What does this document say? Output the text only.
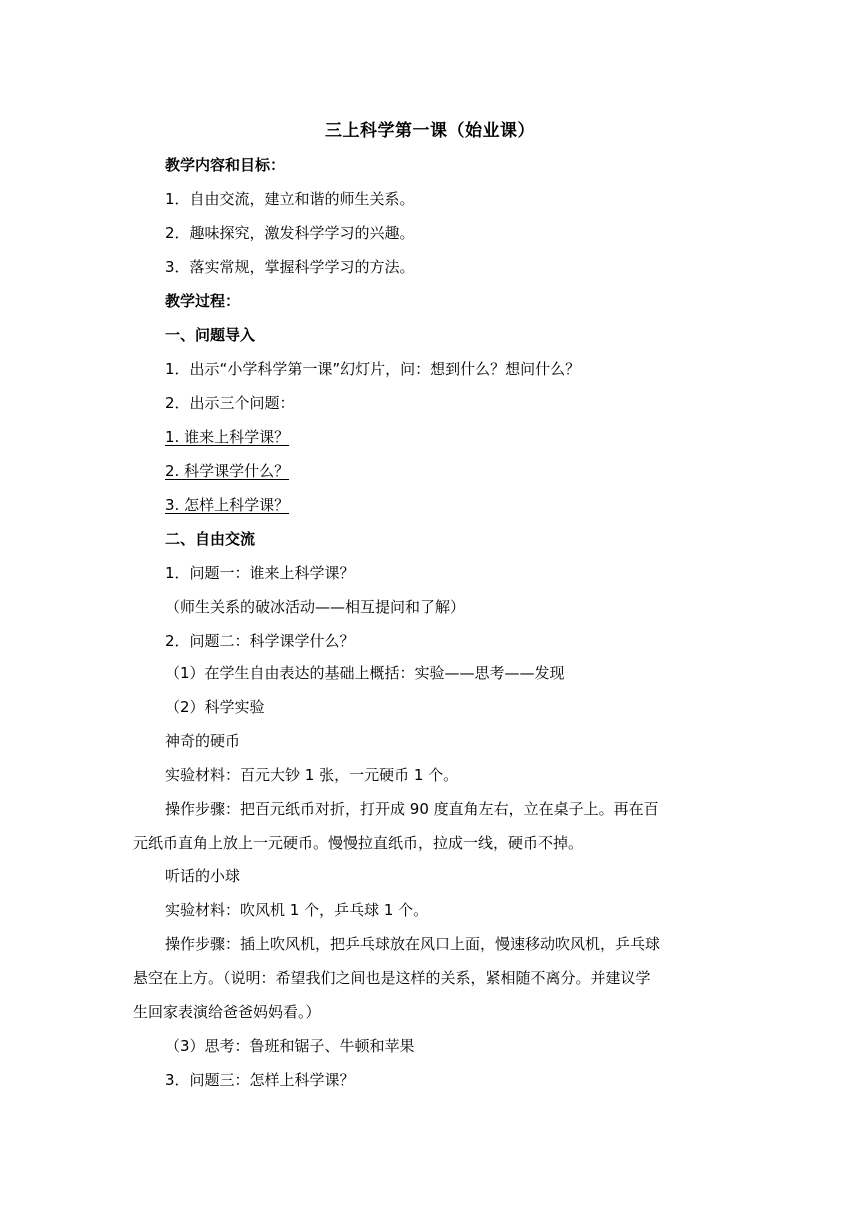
三上科学第一课（始业课）
教学内容和目标：
1．自由交流，建立和谐的师生关系。
2．趣味探究，激发科学学习的兴趣。
3．落实常规，掌握科学学习的方法。
教学过程：
一、问题导入
1．出示“小学科学第一课”幻灯片，问：想到什么？想问什么？
2．出示三个问题：
1. 谁来上科学课？
2. 科学课学什么？
3. 怎样上科学课？
二、自由交流
1．问题一：谁来上科学课？
（师生关系的破冰活动——相互提问和了解）
2．问题二：科学课学什么？
（1）在学生自由表达的基础上概括：实验——思考——发现
（2）科学实验
神奇的硬币
实验材料：百元大钞 1 张，一元硬币 1 个。
操作步骤：把百元纸币对折，打开成 90 度直角左右，立在桌子上。再在百
元纸币直角上放上一元硬币。慢慢拉直纸币，拉成一线，硬币不掉。
听话的小球
实验材料：吹风机 1 个，乒乓球 1 个。
操作步骤：插上吹风机，把乒乓球放在风口上面，慢速移动吹风机，乒乓球
悬空在上方。（说明：希望我们之间也是这样的关系，紧相随不离分。并建议学
生回家表演给爸爸妈妈看。）
（3）思考：鲁班和锯子、牛顿和苹果
3．问题三：怎样上科学课？
